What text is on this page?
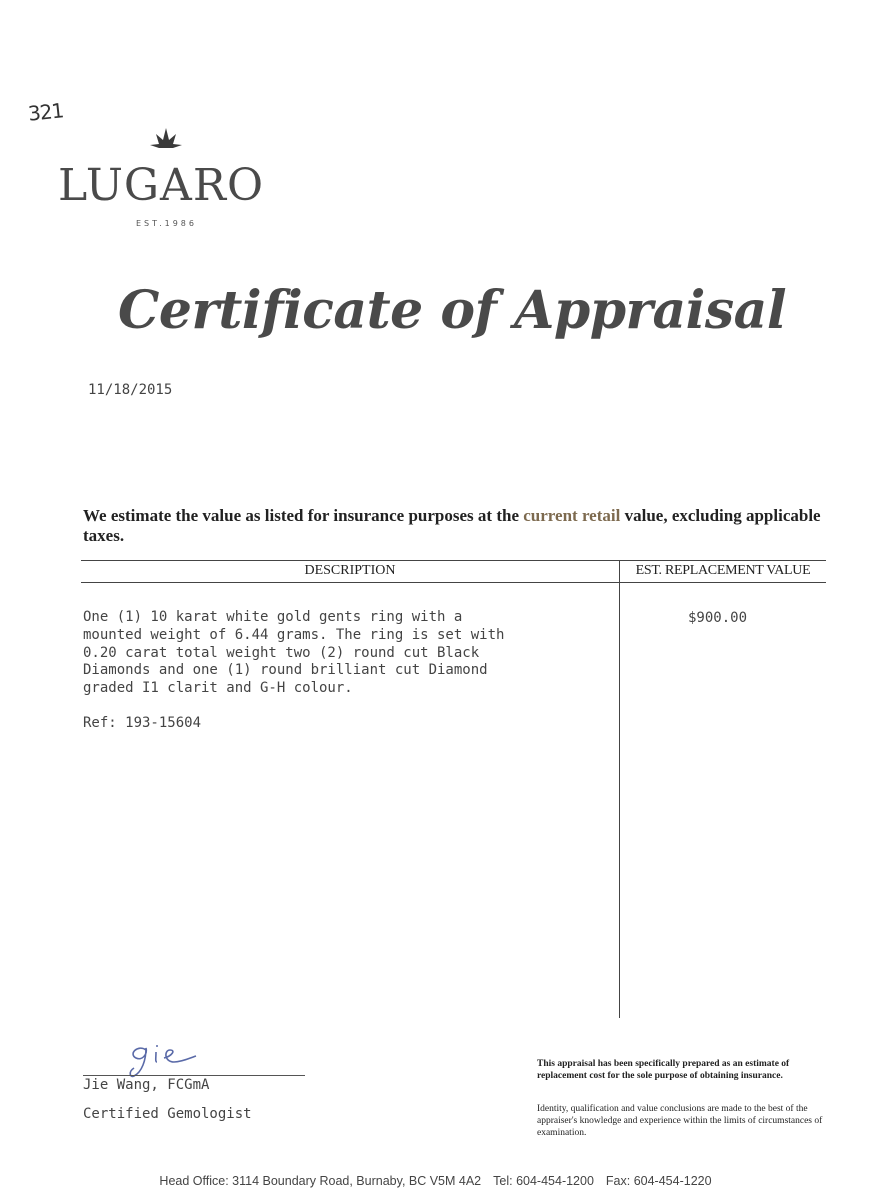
321
LUGARO
EST.1986
Certificate of Appraisal
11/18/2015
We estimate the value as listed for insurance purposes at the current retail value, excluding applicable taxes.
DESCRIPTION	EST. REPLACEMENT VALUE
One (1) 10 karat white gold gents ring with a
mounted weight of 6.44 grams. The ring is set with
0.20 carat total weight two (2) round cut Black
Diamonds and one (1) round brilliant cut Diamond
graded I1 clarit and G-H colour.
Ref: 193-15604
$900.00
Jie Wang, FCGmA
Certified Gemologist
This appraisal has been specifically prepared as an estimate of replacement cost for the sole purpose of obtaining insurance.
Identity, qualification and value conclusions are made to the best of the appraiser's knowledge and experience within the limits of circumstances of examination.
Head Office: 3114 Boundary Road, Burnaby, BC V5M 4A2 Tel: 604-454-1200 Fax: 604-454-1220
